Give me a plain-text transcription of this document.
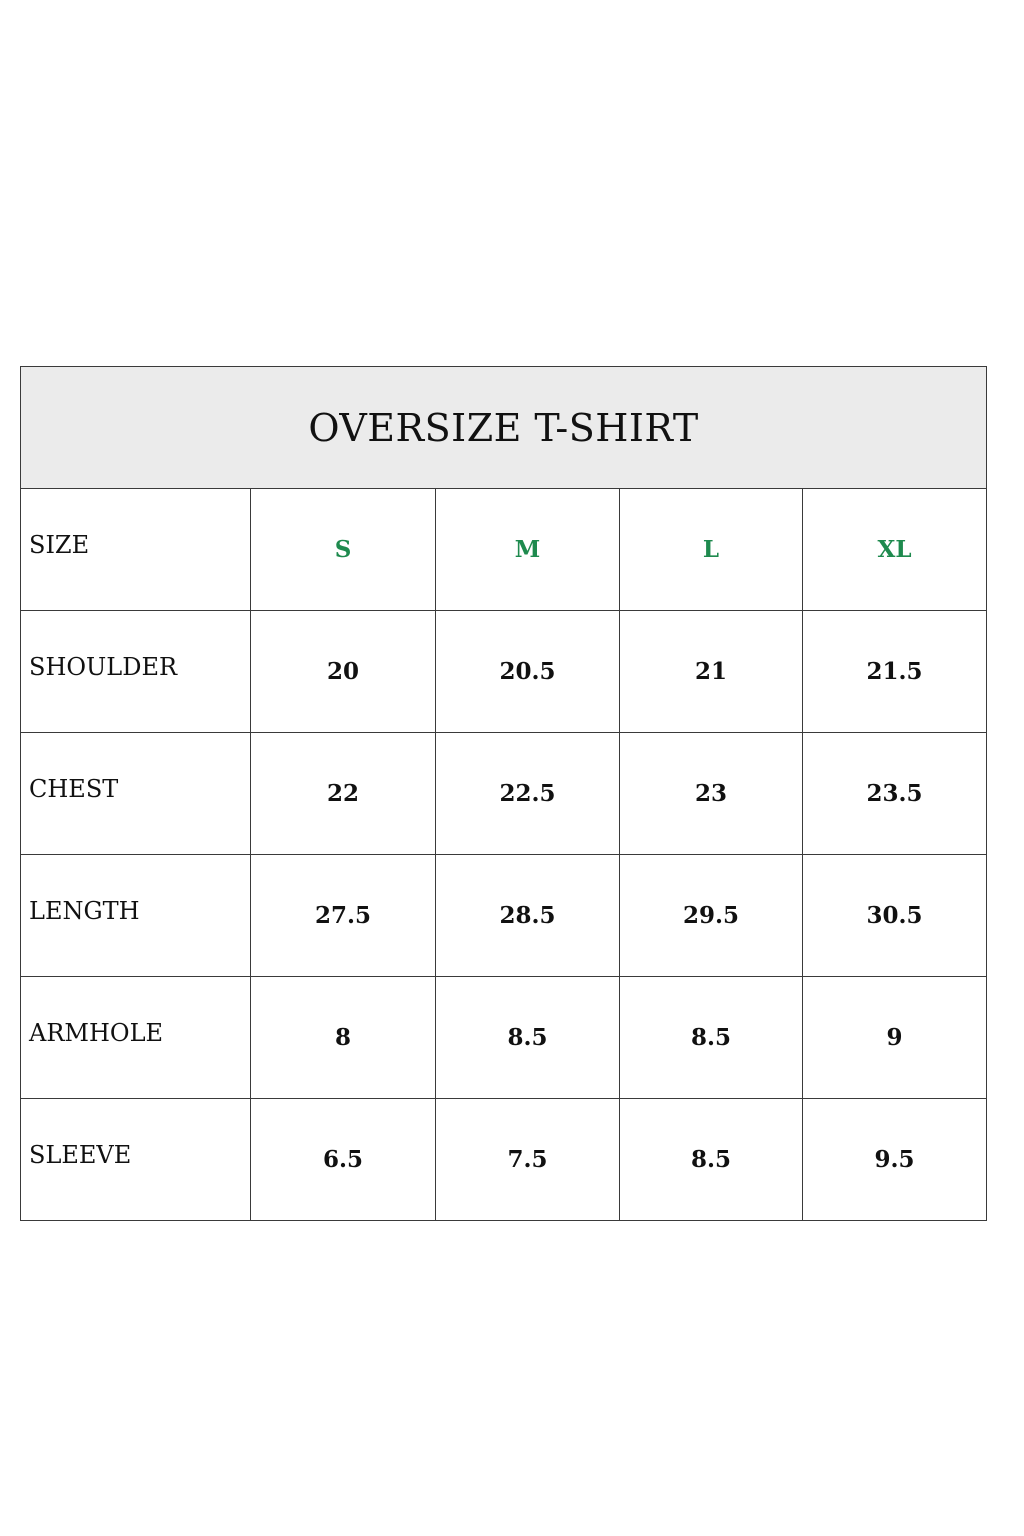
OVERSIZE T-SHIRT				
SIZE	S	M	L	XL
SHOULDER	20	20.5	21	21.5
CHEST	22	22.5	23	23.5
LENGTH	27.5	28.5	29.5	30.5
ARMHOLE	8	8.5	8.5	9
SLEEVE	6.5	7.5	8.5	9.5
